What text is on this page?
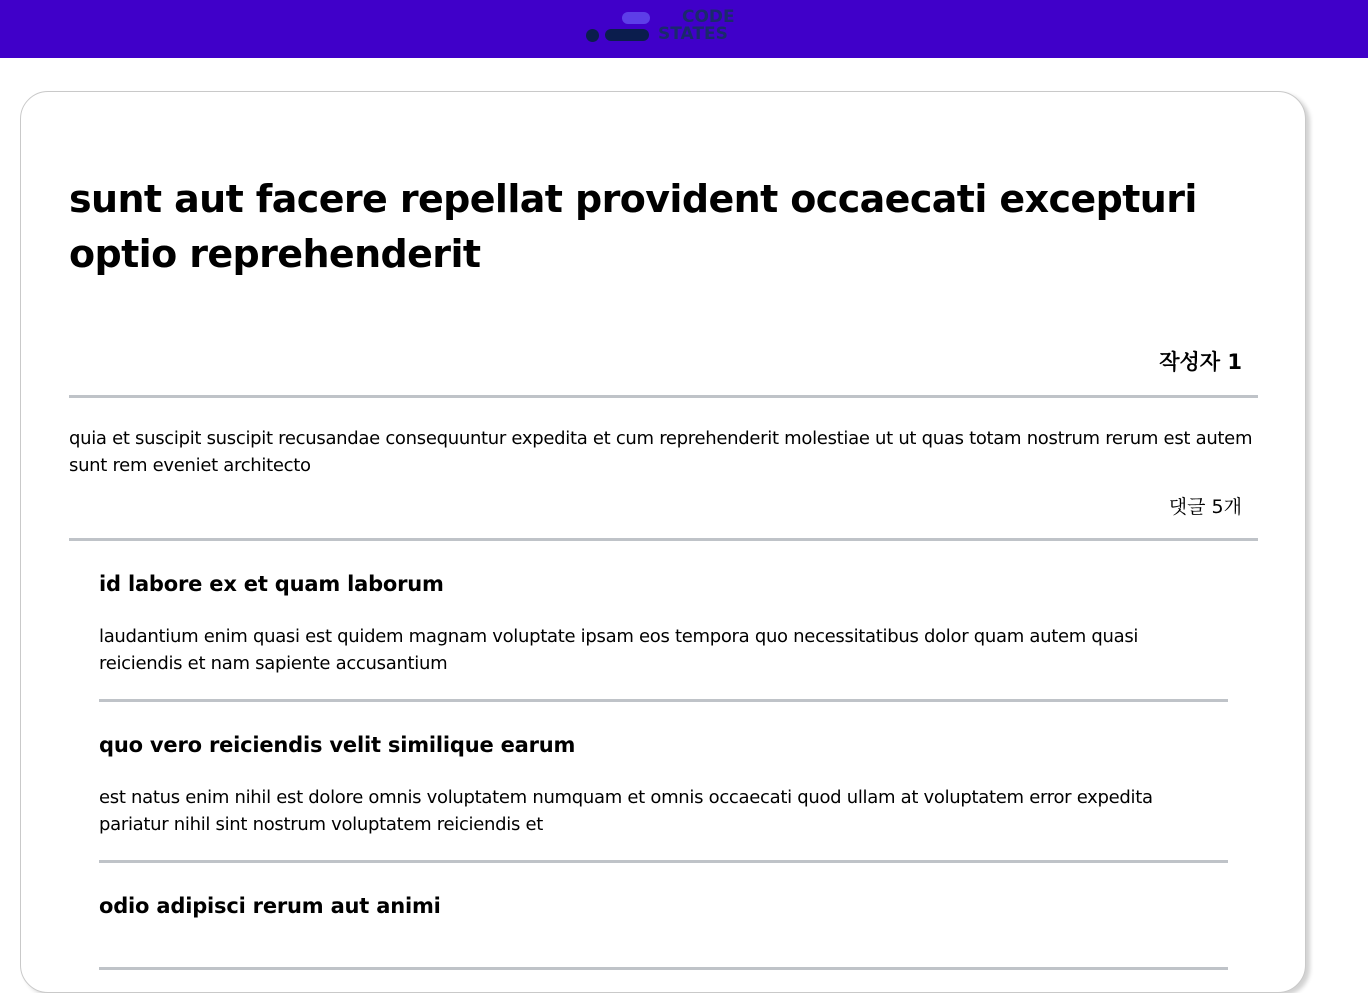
CODE
STATES
sunt aut facere repellat provident occaecati excepturi optio reprehenderit
작성자 1

quia et suscipit suscipit recusandae consequuntur expedita et cum reprehenderit molestiae ut ut quas totam nostrum rerum est autem sunt rem eveniet architecto

댓글 5개
id labore ex et quam laborum

laudantium enim quasi est quidem magnam voluptate ipsam eos tempora quo necessitatibus dolor quam autem quasi reiciendis et nam sapiente accusantium

quo vero reiciendis velit similique earum

est natus enim nihil est dolore omnis voluptatem numquam et omnis occaecati quod ullam at voluptatem error expedita pariatur nihil sint nostrum voluptatem reiciendis et

odio adipisci rerum aut animi
